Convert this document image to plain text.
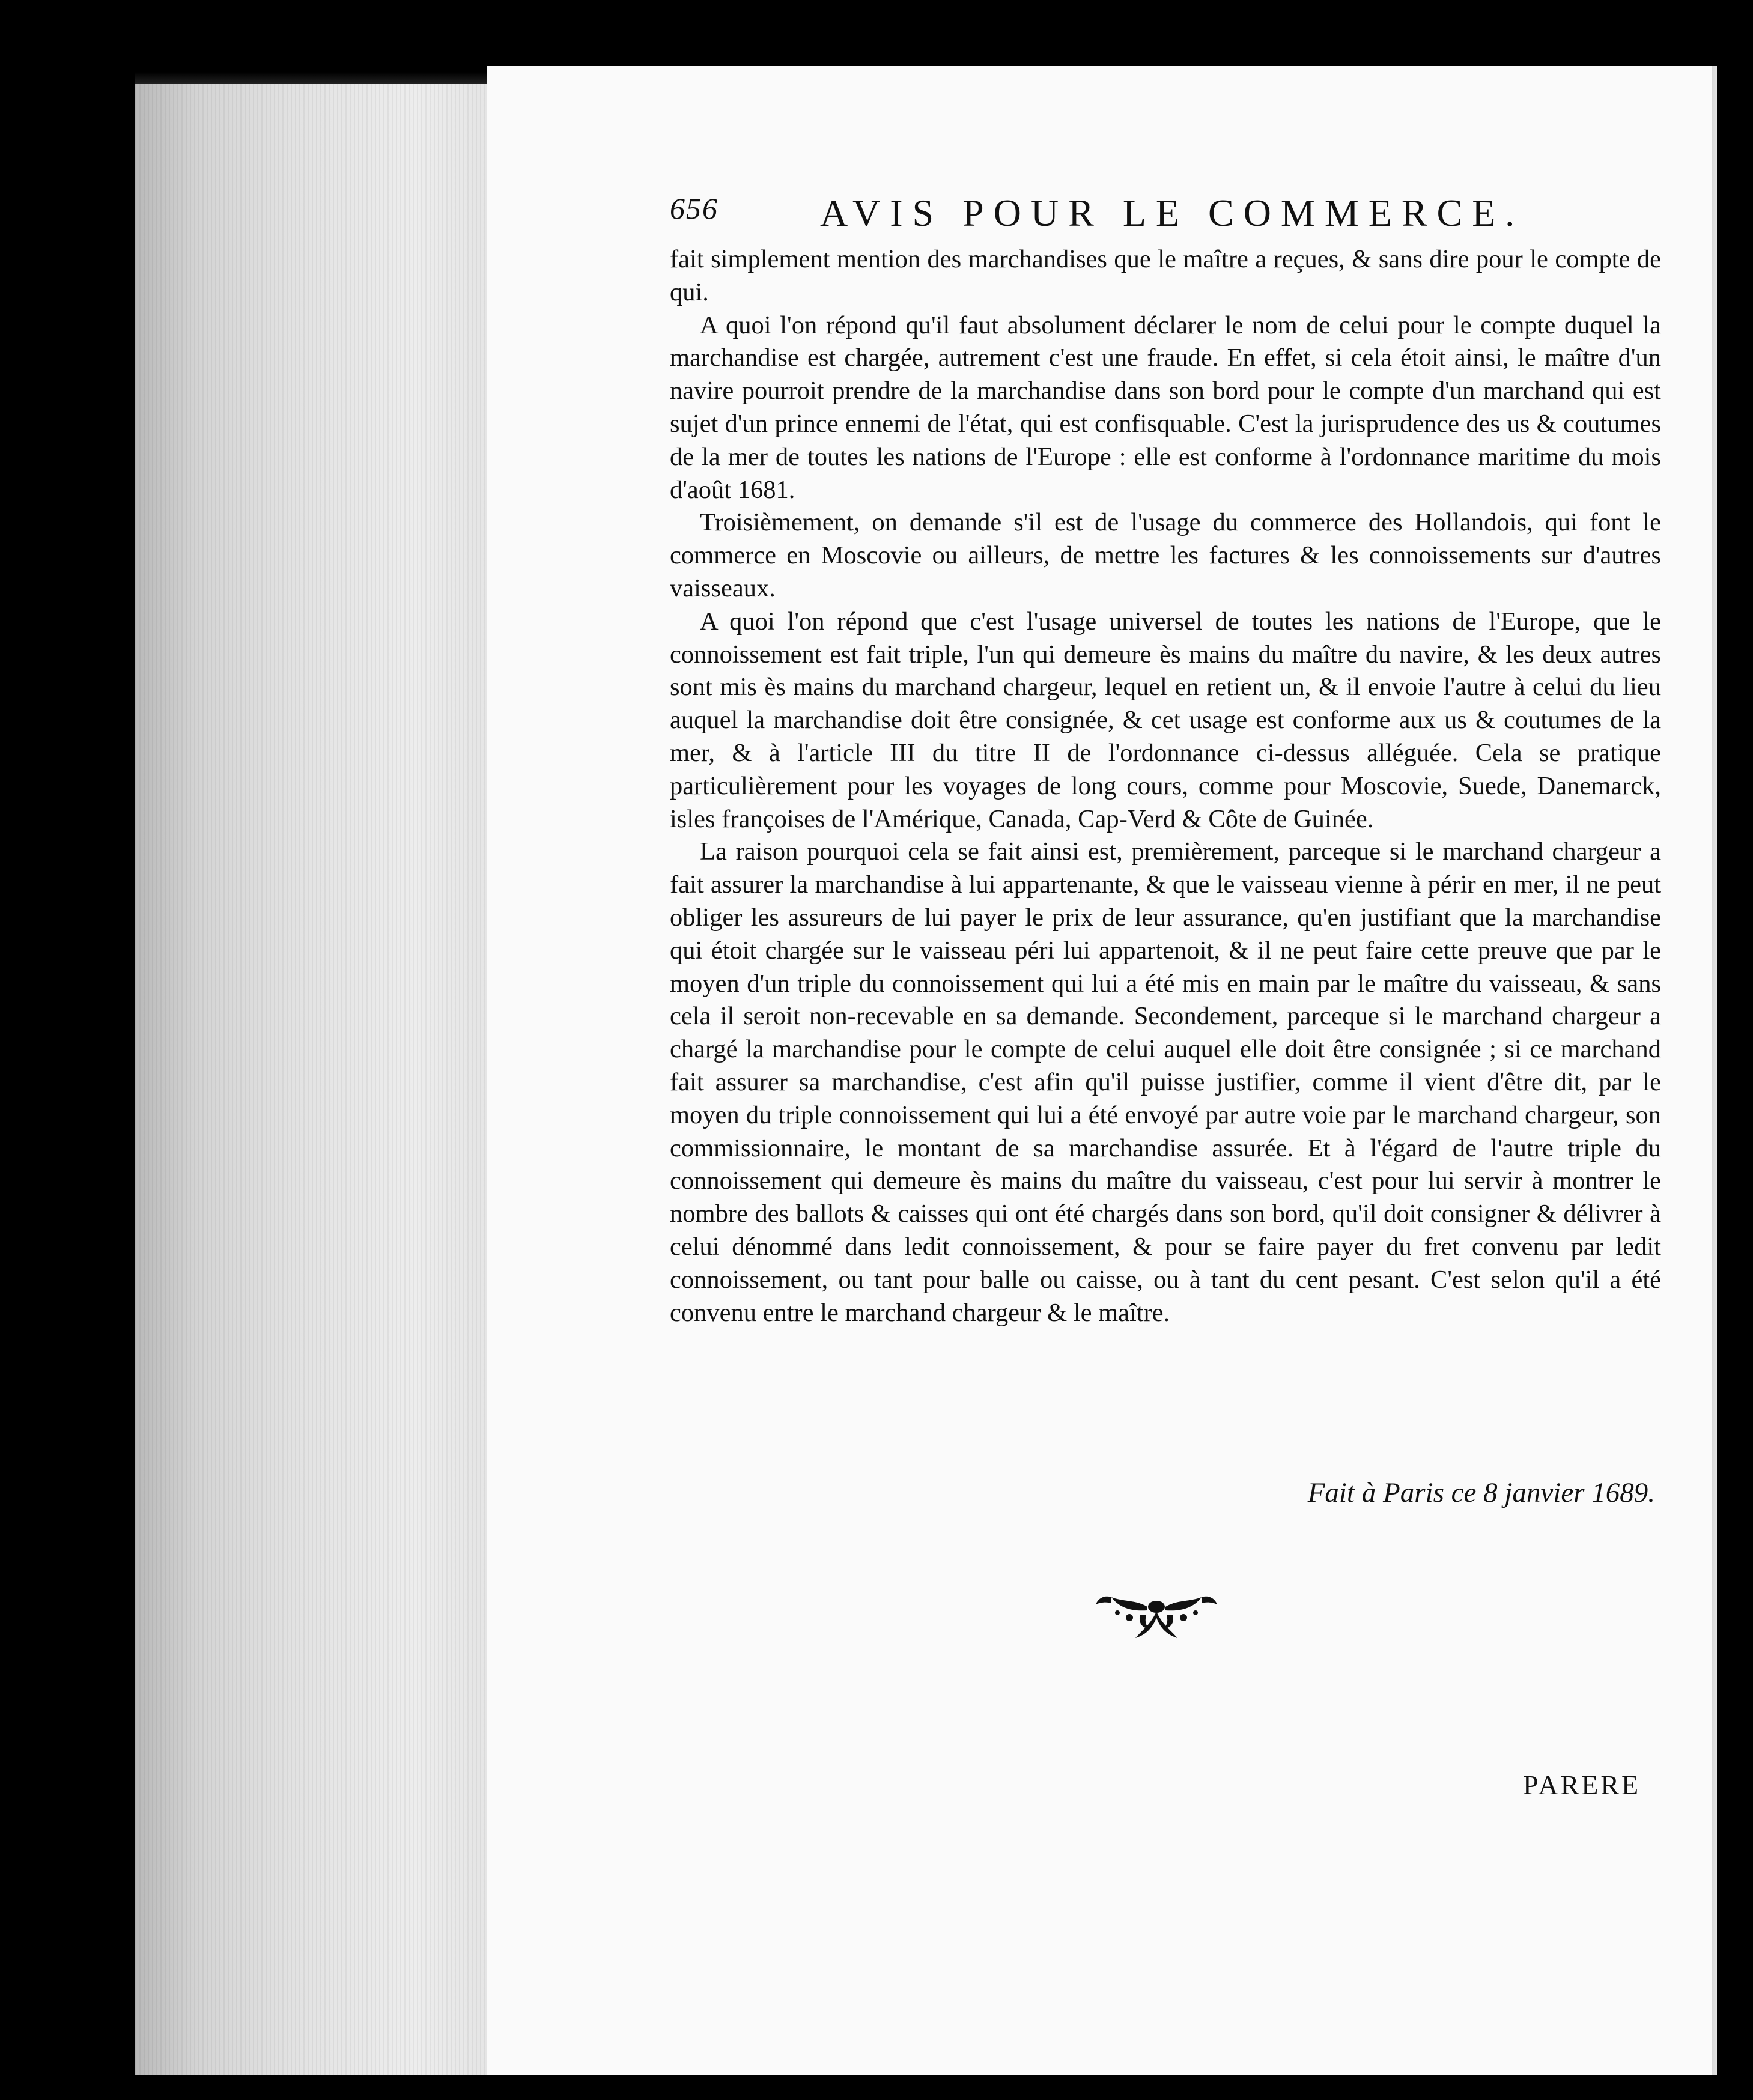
656	AVIS POUR LE COMMERCE.

fait simplement mention des marchandises que le maître a reçues, & sans dire pour le compte de qui.

A quoi l'on répond qu'il faut absolument déclarer le nom de celui pour le compte duquel la marchandise est chargée, autrement c'est une fraude. En effet, si cela étoit ainsi, le maître d'un navire pourroit prendre de la marchandise dans son bord pour le compte d'un marchand qui est sujet d'un prince ennemi de l'état, qui est confisquable. C'est la jurisprudence des us & coutumes de la mer de toutes les nations de l'Europe : elle est conforme à l'ordonnance maritime du mois d'août 1681.

Troisièmement, on demande s'il est de l'usage du commerce des Hollandois, qui font le commerce en Moscovie ou ailleurs, de mettre les factures & les connoissements sur d'autres vaisseaux.

A quoi l'on répond que c'est l'usage universel de toutes les nations de l'Europe, que le connoissement est fait triple, l'un qui demeure ès mains du maître du navire, & les deux autres sont mis ès mains du marchand chargeur, lequel en retient un, & il envoie l'autre à celui du lieu auquel la marchandise doit être consignée, & cet usage est conforme aux us & coutumes de la mer, & à l'article III du titre II de l'ordonnance ci-dessus alléguée. Cela se pratique particulièrement pour les voyages de long cours, comme pour Moscovie, Suede, Danemarck, isles françoises de l'Amérique, Canada, Cap-Verd & Côte de Guinée.

La raison pourquoi cela se fait ainsi est, premièrement, parceque si le marchand chargeur a fait assurer la marchandise à lui appartenante, & que le vaisseau vienne à périr en mer, il ne peut obliger les assureurs de lui payer le prix de leur assurance, qu'en justifiant que la marchandise qui étoit chargée sur le vaisseau péri lui appartenoit, & il ne peut faire cette preuve que par le moyen d'un triple du connoissement qui lui a été mis en main par le maître du vaisseau, & sans cela il seroit non-recevable en sa demande. Secondement, parceque si le marchand chargeur a chargé la marchandise pour le compte de celui auquel elle doit être consignée ; si ce marchand fait assurer sa marchandise, c'est afin qu'il puisse justifier, comme il vient d'être dit, par le moyen du triple connoissement qui lui a été envoyé par autre voie par le marchand chargeur, son commissionnaire, le montant de sa marchandise assurée. Et à l'égard de l'autre triple du connoissement qui demeure ès mains du maître du vaisseau, c'est pour lui servir à montrer le nombre des ballots & caisses qui ont été chargés dans son bord, qu'il doit consigner & délivrer à celui dénommé dans ledit connoissement, & pour se faire payer du fret convenu par ledit connoissement, ou tant pour balle ou caisse, ou à tant du cent pesant. C'est selon qu'il a été convenu entre le marchand chargeur & le maître.

Fait à Paris ce 8 janvier 1689.
PARERE
